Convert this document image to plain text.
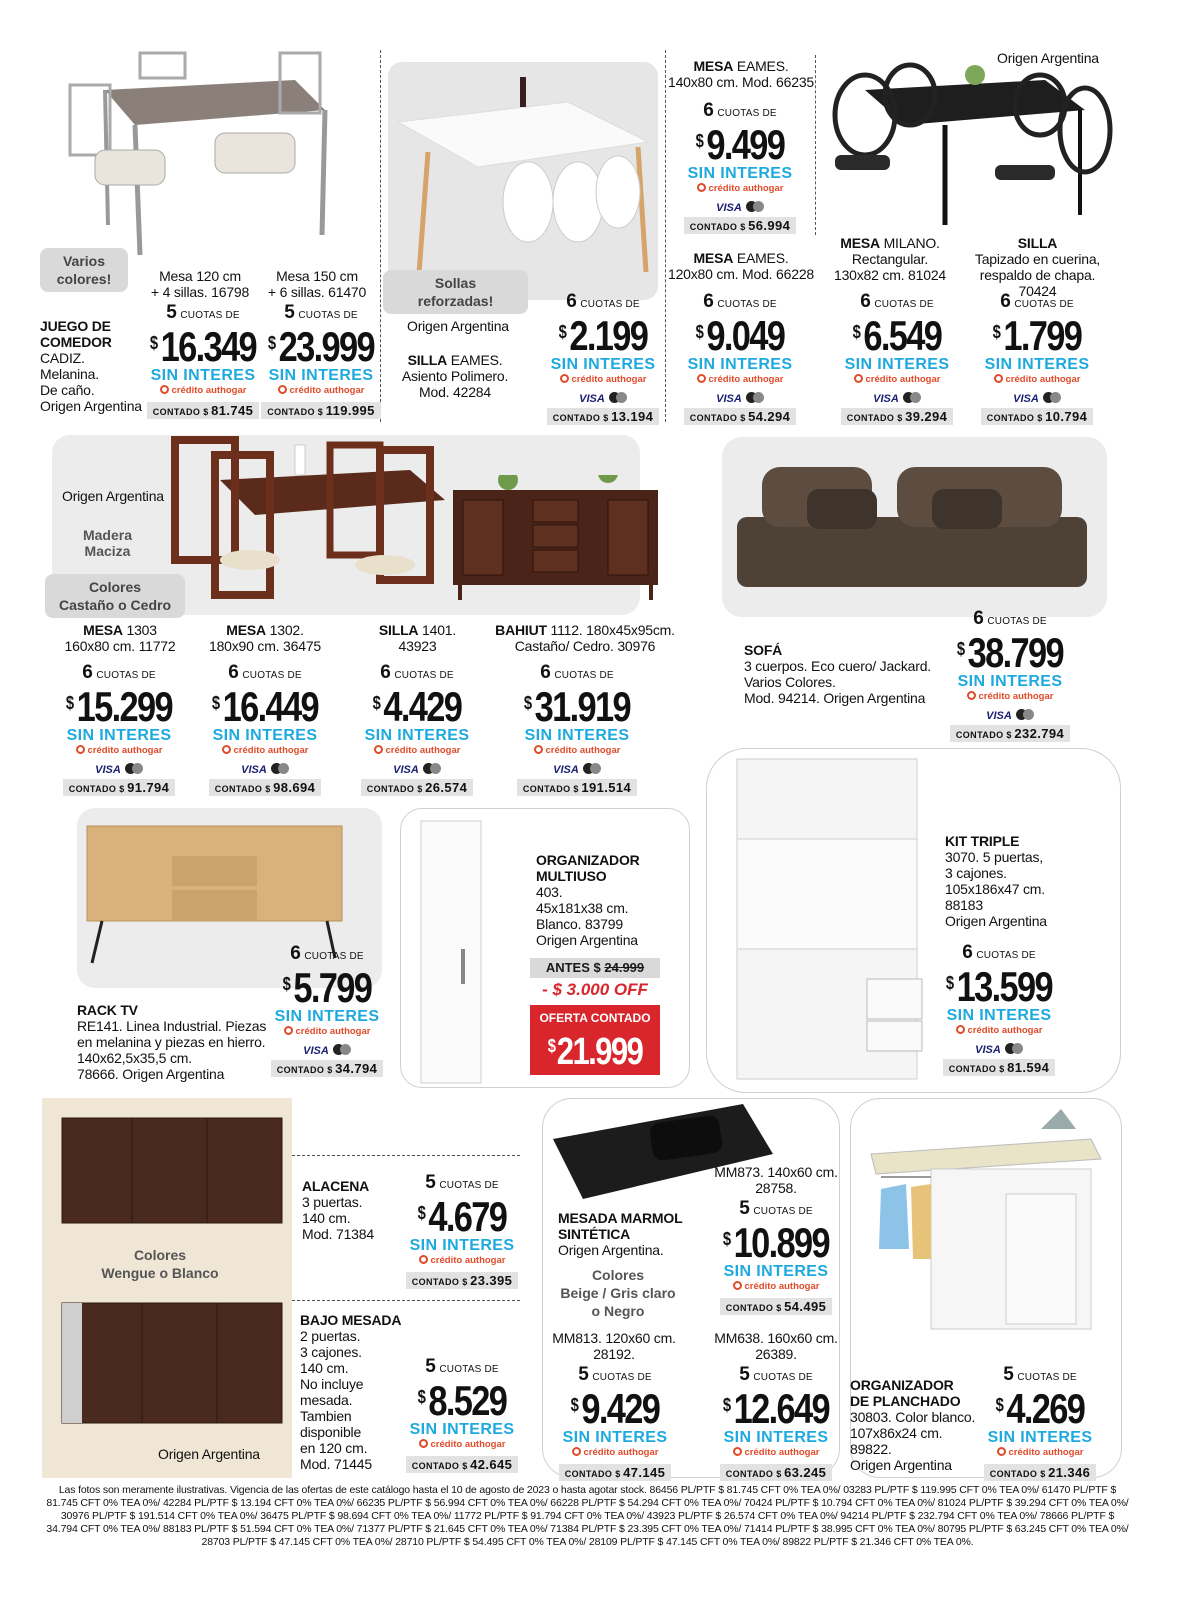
Varios
colores!
JUEGO DE
COMEDOR
CADIZ.
Melanina.
De caño.
Origen Argentina
Mesa 120 cm
+ 4 sillas. 16798
Mesa 150 cm
+ 6 sillas. 61470
Sollas
reforzadas!
Origen Argentina
SILLA EAMES.
Asiento Polimero.
Mod. 42284
MESA EAMES.
140x80 cm. Mod. 66235
MESA EAMES.
120x80 cm. Mod. 66228
Origen Argentina
MESA MILANO.
Rectangular.
130x82 cm. 81024
SILLA
Tapizado en cuerina,
respaldo de chapa. 70424
5 CUOTAS DE
$16.349
SIN INTERES
crédito authogar
CONTADO $ 81.745
5 CUOTAS DE
$23.999
SIN INTERES
crédito authogar
CONTADO $ 119.995
6 CUOTAS DE
$9.499
SIN INTERES
crédito authogar
VISA
CONTADO $ 56.994
6 CUOTAS DE
$2.199
SIN INTERES
crédito authogar
VISA
CONTADO $ 13.194
6 CUOTAS DE
$9.049
SIN INTERES
crédito authogar
VISA
CONTADO $ 54.294
6 CUOTAS DE
$6.549
SIN INTERES
crédito authogar
VISA
CONTADO $ 39.294
6 CUOTAS DE
$1.799
SIN INTERES
crédito authogar
VISA
CONTADO $ 10.794
Origen Argentina
Madera
Maciza
Colores
Castaño o Cedro
MESA 1303
160x80 cm. 11772
MESA 1302.
180x90 cm. 36475
SILLA 1401.
43923
BAHIUT 1112. 180x45x95cm.
Castaño/ Cedro. 30976
6 CUOTAS DE
$15.299
SIN INTERES
crédito authogar
VISA
CONTADO $ 91.794
6 CUOTAS DE
$16.449
SIN INTERES
crédito authogar
VISA
CONTADO $ 98.694
6 CUOTAS DE
$4.429
SIN INTERES
crédito authogar
VISA
CONTADO $ 26.574
6 CUOTAS DE
$31.919
SIN INTERES
crédito authogar
VISA
CONTADO $ 191.514
SOFÁ
3 cuerpos. Eco cuero/ Jackard.
Varios Colores.
Mod. 94214. Origen Argentina
6 CUOTAS DE
$38.799
SIN INTERES
crédito authogar
VISA
CONTADO $ 232.794
RACK TV
RE141. Linea Industrial. Piezas
en melanina y piezas en hierro.
140x62,5x35,5 cm.
78666. Origen Argentina
6 CUOTAS DE
$5.799
SIN INTERES
crédito authogar
VISA
CONTADO $ 34.794
ORGANIZADOR
MULTIUSO
403.
45x181x38 cm.
Blanco. 83799
Origen Argentina
ANTES $ 24.999
- $ 3.000 OFF
OFERTA CONTADO
$21.999
KIT TRIPLE
3070. 5 puertas,
3 cajones.
105x186x47 cm.
88183
Origen Argentina
6 CUOTAS DE
$13.599
SIN INTERES
crédito authogar
VISA
CONTADO $ 81.594
Colores
Wengue o Blanco
Origen Argentina
ALACENA
3 puertas.
140 cm.
Mod. 71384
5 CUOTAS DE
$4.679
SIN INTERES
crédito authogar
CONTADO $ 23.395
BAJO MESADA
2 puertas.
3 cajones.
140 cm.
No incluye
mesada.
Tambien
disponible
en 120 cm.
Mod. 71445
5 CUOTAS DE
$8.529
SIN INTERES
crédito authogar
CONTADO $ 42.645
MESADA MARMOL
SINTÉTICA
Origen Argentina.
Colores
Beige / Gris claro
o Negro
MM873. 140x60 cm.
28758.
5 CUOTAS DE
$10.899
SIN INTERES
crédito authogar
CONTADO $ 54.495
MM813. 120x60 cm.
28192.
MM638. 160x60 cm.
26389.
5 CUOTAS DE
$9.429
SIN INTERES
crédito authogar
CONTADO $ 47.145
5 CUOTAS DE
$12.649
SIN INTERES
crédito authogar
CONTADO $ 63.245
ORGANIZADOR
DE PLANCHADO
30803. Color blanco.
107x86x24 cm.
89822.
Origen Argentina
5 CUOTAS DE
$4.269
SIN INTERES
crédito authogar
CONTADO $ 21.346
Las fotos son meramente ilustrativas. Vigencia de las ofertas de este catálogo hasta el 10 de agosto de 2023 o hasta agotar stock. 86456 PL/PTF $ 81.745 CFT 0% TEA 0%/ 03283 PL/PTF $ 119.995 CFT 0% TEA 0%/ 61470 PL/PTF $ 81.745 CFT 0% TEA 0%/ 42284 PL/PTF $ 13.194 CFT 0% TEA 0%/ 66235 PL/PTF $ 56.994 CFT 0% TEA 0%/ 66228 PL/PTF $ 54.294 CFT 0% TEA 0%/ 70424 PL/PTF $ 10.794 CFT 0% TEA 0%/ 81024 PL/PTF $ 39.294 CFT 0% TEA 0%/ 30976 PL/PTF $ 191.514 CFT 0% TEA 0%/ 36475 PL/PTF $ 98.694 CFT 0% TEA 0%/ 11772 PL/PTF $ 91.794 CFT 0% TEA 0%/ 43923 PL/PTF $ 26.574 CFT 0% TEA 0%/ 94214 PL/PTF $ 232.794 CFT 0% TEA 0%/ 78666 PL/PTF $ 34.794 CFT 0% TEA 0%/ 88183 PL/PTF $ 51.594 CFT 0% TEA 0%/ 71377 PL/PTF $ 21.645 CFT 0% TEA 0%/ 71384 PL/PTF $ 23.395 CFT 0% TEA 0%/ 71414 PL/PTF $ 38.995 CFT 0% TEA 0%/ 80795 PL/PTF $ 63.245 CFT 0% TEA 0%/ 28703 PL/PTF $ 47.145 CFT 0% TEA 0%/ 28710 PL/PTF $ 54.495 CFT 0% TEA 0%/ 28109 PL/PTF $ 47.145 CFT 0% TEA 0%/ 89822 PL/PTF $ 21.346 CFT 0% TEA 0%.
